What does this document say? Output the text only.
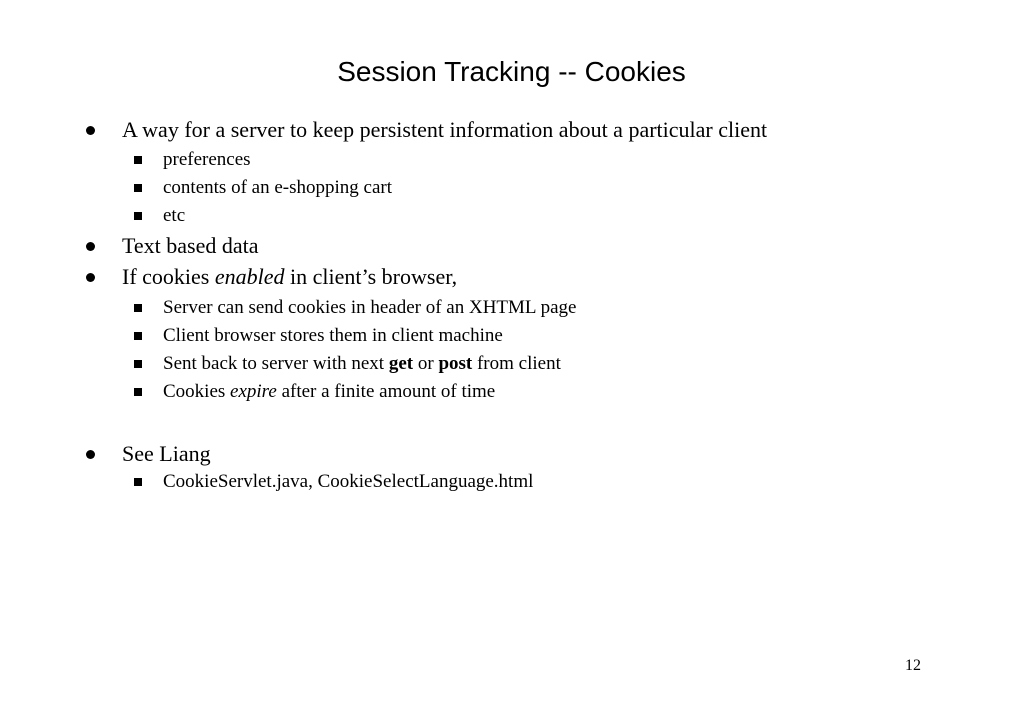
Session Tracking -- Cookies
A way for a server to keep persistent information about a particular client
preferences
contents of an e-shopping cart
etc
Text based data
If cookies enabled in client’s browser,
Server can send cookies in header of an XHTML page
Client browser stores them in client machine
Sent back to server with next get or post from client
Cookies expire after a finite amount of time
See Liang
CookieServlet.java, CookieSelectLanguage.html
12
